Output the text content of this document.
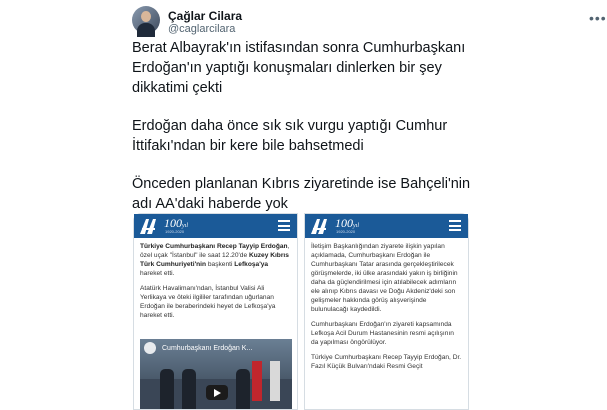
Çağlar Cilara
@caglarcilara
•••

Berat Albayrak'ın istifasından sonra Cumhurbaşkanı Erdoğan'ın yaptığı konuşmaları dinlerken bir şey dikkatimi çekti

Erdoğan daha önce sık sık vurgu yaptığı Cumhur İttifakı'ndan bir kere bile bahsetmedi

Önceden planlanan Kıbrıs ziyaretinde ise Bahçeli'nin adı AA'daki haberde yok

100yıl
1920-2020

Türkiye Cumhurbaşkanı Recep Tayyip Erdoğan, özel uçak "İstanbul" ile saat 12.20'de Kuzey Kıbrıs Türk Cumhuriyeti'nin başkenti Lefkoşa'ya hareket etti.

Atatürk Havalimanı'ndan, İstanbul Valisi Ali Yerlikaya ve öteki ilgililer tarafından uğurlanan Erdoğan ile beraberindeki heyet de Lefkoşa'ya hareket etti.

Cumhurbaşkanı Erdoğan K...
100yıl
1920-2020

İletişim Başkanlığından ziyarete ilişkin yapılan açıklamada, Cumhurbaşkanı Erdoğan ile Cumhurbaşkanı Tatar arasında gerçekleştirilecek görüşmelerde, iki ülke arasındaki yakın iş birliğinin daha da güçlendirilmesi için atılabilecek adımların ele alınıp Kıbrıs davası ve Doğu Akdeniz'deki son gelişmeler hakkında görüş alışverişinde bulunulacağı kaydedildi.

Cumhurbaşkanı Erdoğan'ın ziyareti kapsamında Lefkoşa Acil Durum Hastanesinin resmi açılışının da yapılması öngörülüyor.

Türkiye Cumhurbaşkanı Recep Tayyip Erdoğan, Dr. Fazıl Küçük Bulvarı'ndaki Resmi Geçit
